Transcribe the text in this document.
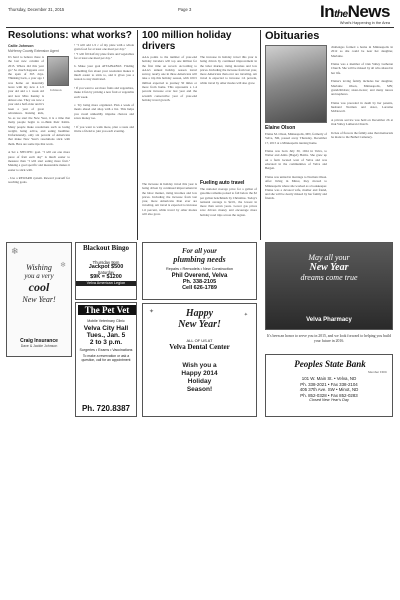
Thursday, December 31, 2015	Page 3	IntheNews
What's Happening in the Area
Resolutions: what works?
Callie Johnson
McHenry County Extension Agent
It's hard to believe there is the last new column of 2015. Where did this year go? So much happens over the span of 365 days. Thinking back, a year ago I was home on maternity leave with my new 4 1/2 year old and a 1 week old and now Miss Kenley is almost one. They are now a year and a half older and it's been a year of great adventures. Raising kids,
Johnson
So as we start the New Year, it is a time that many people begin to re-think their habits. Many people make resolutions such as losing weight, being active, and eating healthier. Unfortunately, only six percent of Americans that make New Year's resolutions stick with them. Here are some tips that work.

A Set a SPECIFIC goal. "I will eat one more piece of fruit each day" is much easier to measure than "I will start eating more fruit." Making a goal specific and measurable makes it easier to stick with.

- Use a REWARD system. Reward yourself for reaching goals.
• "I will add 1/2 c of my plate with a whole grain food for at least one meal per day."
• "I will fill half my plate fruits and vegetables for at least one meal per day."

b. Make your goal ATTAINABLE. Finding something fun about your resolution makes it much easier to stick to, and it gives you a reason to stay motivated.

• If you want to eat more fruits and vegetables, make it fun by picking a new fruit or vegetable each week.

c. Try being more organized. Plan a week of meals ahead and shop with a list. This helps you avoid unhealthy impulse choices and saves money too.

• If you want to walk more, plan a route and invite a friend to join you each evening.
100 million holiday drivers
AAA points to the number of year-end holiday travelers will top one million for the first time on record. According to AAA's annual holiday season travel survey, nearly one in three Americans will take a trip this holiday season, with 100.5 million expected to journey 50 miles or more from home. This represents a 1.4 percent increase over last year and the seventh consecutive year of year-end holiday travel growth.
The increase in holiday travel this year is being driven by continued improvement in the labor market, rising incomes and low prices. Including the increase from last year, more Americans than ever are traveling. Air travel is expected to increase 1.6 percent, while travel by other modes will also grow.
Fueling auto travel
The national average price for a gallon of gasoline remains poised to fall below the $2 per gallon benchmark by Christmas. Today's national average is $2.01, the lowest in more than seven years. Lower gas prices save drivers money and encourage more holiday road trips across the region.
The increase in holiday travel this year is being driven by continued improvement in the labor market, rising incomes and low prices. Including the increase from last year, more Americans than ever are traveling. Air travel is expected to increase 1.6 percent, while travel by other modes will also grow.
Obituaries
Elaine Olson
Elaine M. Olson, Minneapolis, MN, formerly of Velva, ND, passed away Thursday, December 17, 2015 at a Minneapolis nursing home.

Elaine was born July 30, 1924 in Velva, to Walter and Alma (Hagel) Hobbs. She grew up on a farm located west of Velva and was educated in the communities of Velva and Bergen.

Elaine was united in marriage to Norman Olson. After living in Minot, they moved to Minneapolis where she worked as a bookkeeper. Elaine was a devoted wife, mother and friend, and she will be dearly missed by her family and friends.
challenges formed a home in Minneapolis in 2012 so she could be near her daughter, Marlaine.

Elaine was a member of Oak Valley Lutheran Church. She will be missed by all who shared in her life.

Elaine's loving family includes her daughter, Marlaine Olson, Minneapolis, MN; grandchildren; sister-in-law; and many nieces and nephews.

Elaine was preceded in death by her parents, husband Norman and sister, Lorraine McDowell.

A private service was held on December 26 at Oak Valley Lutheran Church.

In lieu of flowers the family asks that memorials be made to the Bethel Cemetery.
❄
❄
Wishing
you a very
cool
New Year!
Craig Insurance
Dave & Jackie Johnson
Blackout Bingo
Thursday 9pm
Jackpot $500
Saturday
$9K = $1200
Velva American Legion
The Pet Vet
Mobile Veterinary Clinic
Velva City Hall
Tues., Jan. 5
2 to 3 p.m.
Surgeries • Exams • Vaccinations
To make a reservation or ask a question, call for an appointment
Ph. 720.8387
For all your
plumbing needs
Repairs • Remodels • New Construction
Phil Overend, Velva
Ph. 338-2105
Cell 626-1789
✦
✦
Happy
New Year!
ALL OF US AT
Velva Dental Center
Wish you a
Happy 2014
Holiday
Season!
May all your
New Year
dreams come true
Velva Pharmacy
It's been an honor to serve you in 2015, and we look forward to helping you build your future in 2016.
Peoples State Bank
Member FDIC
101 W. Main St. • Velva, ND
Ph. 338-2021 • Fax 338-2104
405 37th Ave. SW • Minot, ND
Ph. 852-0328 • Fax 852-0283
Closed New Year's Day
